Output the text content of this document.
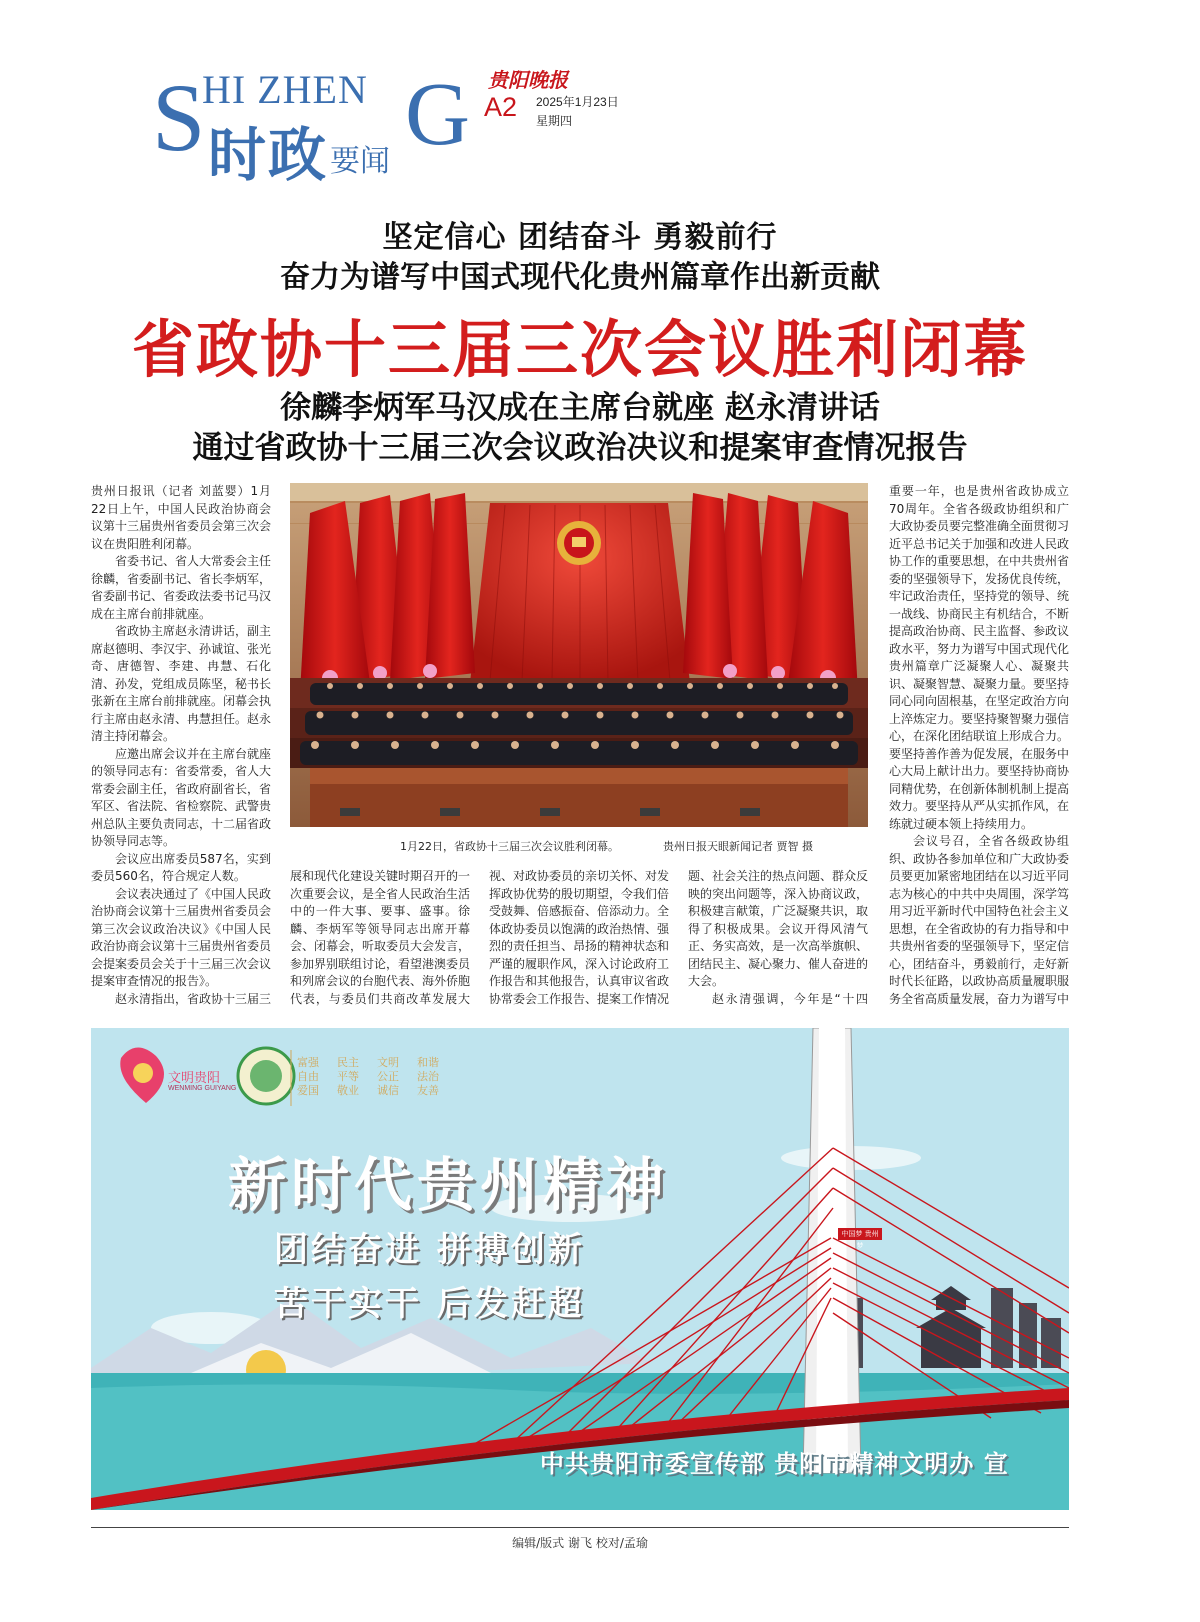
S
HI ZHEN G
时政 要闻
贵阳晚报
A2 2025年1月23日
星期四
坚定信心 团结奋斗 勇毅前行
奋力为谱写中国式现代化贵州篇章作出新贡献
省政协十三届三次会议胜利闭幕
徐麟李炳军马汉成在主席台就座 赵永清讲话
通过省政协十三届三次会议政治决议和提案审查情况报告

贵州日报讯（记者 刘蓝婴）1月22日上午，中国人民政治协商会议第十三届贵州省委员会第三次会议在贵阳胜利闭幕。

省委书记、省人大常委会主任徐麟，省委副书记、省长李炳军，省委副书记、省委政法委书记马汉成在主席台前排就座。

省政协主席赵永清讲话，副主席赵德明、李汉宇、孙诚谊、张光奇、唐德智、李建、冉慧、石化清、孙发，党组成员陈坚，秘书长张新在主席台前排就座。闭幕会执行主席由赵永清、冉慧担任。赵永清主持闭幕会。

应邀出席会议并在主席台就座的领导同志有：省委常委，省人大常委会副主任，省政府副省长，省军区、省法院、省检察院、武警贵州总队主要负责同志，十二届省政协领导同志等。

会议应出席委员587名，实到委员560名，符合规定人数。

会议表决通过了《中国人民政治协商会议第十三届贵州省委员会第三次会议政治决议》《中国人民政治协商会议第十三届贵州省委员会提案委员会关于十三届三次会议提案审查情况的报告》。

赵永清指出，省政协十三届三

展和现代化建设关键时期召开的一次重要会议，是全省人民政治生活中的一件大事、要事、盛事。徐麟、李炳军等领导同志出席开幕会、闭幕会，听取委员大会发言，参加界别联组讨论，看望港澳委员和列席会议的台胞代表、海外侨胞代表，与委员们共商改革发展大

视、对政协委员的亲切关怀、对发挥政协优势的殷切期望，令我们倍受鼓舞、倍感振奋、倍添动力。全体政协委员以饱满的政治热情、强烈的责任担当、昂扬的精神状态和严谨的履职作风，深入讨论政府工作报告和其他报告，认真审议省政协常委会工作报告、提案工作情况

题、社会关注的热点问题、群众反映的突出问题等，深入协商议政，积极建言献策，广泛凝聚共识，取得了积极成果。会议开得风清气正、务实高效，是一次高举旗帜、团结民主、凝心聚力、催人奋进的大会。

赵永清强调，今年是“十四

重要一年，也是贵州省政协成立70周年。全省各级政协组织和广大政协委员要完整准确全面贯彻习近平总书记关于加强和改进人民政协工作的重要思想，在中共贵州省委的坚强领导下，发扬优良传统，牢记政治责任，坚持党的领导、统一战线、协商民主有机结合，不断提高政治协商、民主监督、参政议政水平，努力为谱写中国式现代化贵州篇章广泛凝聚人心、凝聚共识、凝聚智慧、凝聚力量。要坚持同心同向固根基，在坚定政治方向上淬炼定力。要坚持聚智聚力强信心，在深化团结联谊上形成合力。要坚持善作善为促发展，在服务中心大局上献计出力。要坚持协商协同精优势，在创新体制机制上提高效力。要坚持从严从实抓作风，在练就过硬本领上持续用力。

会议号召，全省各级政协组织、政协各参加单位和广大政协委员要更加紧密地团结在以习近平同志为核心的中共中央周围，深学笃用习近平新时代中国特色社会主义思想，在全省政协的有力指导和中共贵州省委的坚强领导下，坚定信心，团结奋斗，勇毅前行，走好新时代长征路，以政协高质量履职服务全省高质量发展，奋力为谱写中

1月22日，省政协十三届三次会议胜利闭幕。	贵州日报天眼新闻记者 贾智 摄
文明贵阳
WENMING GUIYANG
富强 民主 文明 和谐
自由 平等 公正 法治
爱国 敬业 诚信 友善
中国梦 贵州梦
新时代贵州精神
团结奋进 拼搏创新
苦干实干 后发赶超
中共贵阳市委宣传部 贵阳市精神文明办 宣
编辑/版式 谢飞 校对/孟瑜
